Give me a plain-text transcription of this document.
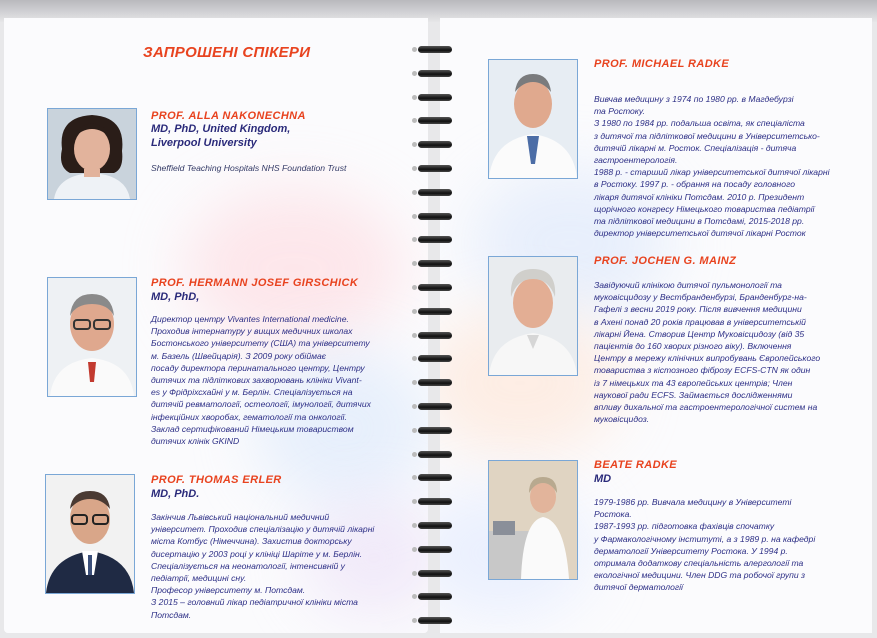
ЗАПРОШЕНІ СПІКЕРИ
PROF. ALLA NAKONECHNA
MD, PhD, United Kingdom,
Liverpool University
Sheffield Teaching Hospitals NHS Foundation Trust
PROF. HERMANN JOSEF GIRSCHICK
MD, PhD,
Директор центру Vivantes International medicine.
Проходив інтернатуру у вищих медичних школах
Бостонського університету (США) та університету
м. Базель (Швейцарія). З 2009 року обіймає
посаду директора перинатального центру, Центру
дитячих та підліткових захворювань клініки Vivant-
es у Фрідріхсхайні у м. Берлін. Спеціалізується на
дитячій ревматології, остеології, імунології, дитячих
інфекційних хворобах, гематології та онкології.
Заклад сертифікований Німецьким товариством
дитячих клінік GKIND
PROF. THOMAS ERLER
MD, PhD.
Закінчив Львівський національний медичний
університет. Проходив спеціалізацію у дитячій лікарні
міста Котбус (Німеччина). Захистив докторську
дисертацію у 2003 році у клініці Шаріте у м. Берлін.
Спеціалізується на неонатології, інтенсивній у
педіатрії, медицині сну.
Професор університету м. Потсдам.
З 2015 – головний лікар педіатричної клініки міста
Потсдам.
PROF. MICHAEL RADKE
Вивчав медицину з 1974 по 1980 рр. в Магдебурзі
та Ростоку.
З 1980 по 1984 рр. подальша освіта, як спеціаліста
з дитячої та підліткової медицини в Університетсько-
дитячій лікарні м. Росток. Спеціалізація - дитяча
гастроентерологія.
1988 р. - старший лікар університетської дитячої лікарні
в Ростоку. 1997 р. - обрання на посаду головного
лікаря дитячої клініки Потсдам. 2010 р. Президент
щорічного конгресу Німецького товариства педіатрії
та підліткової медицини в Потсдамі, 2015-2018 рр.
директор університетської дитячої лікарні Росток
PROF. JOCHEN G. MAINZ
Завідуючий клінікою дитячої пульмонології та
муковісцидозу у Вестбранденбурзі, Бранденбург-на-
Гафелі з весни 2019 року. Після вивчення медицини
в Ахені понад 20 років працював в університетській
лікарні Йена. Створив Центр Муковісцидозу (від 35
пацієнтів до 160 хворих різного віку). Включення
Центру в мережу клінічних випробувань Європейського
товариства з кістозного фіброзу ECFS-CTN як один
із 7 німецьких та 43 європейських центрів; Член
наукової ради ECFS. Займається дослідженнями
впливу дихальної та гастроентерологічної систем на
муковісцидоз.
BEATE RADKE
MD
1979-1986 рр. Вивчала медицину в Університеті
Ростока.
1987-1993 рр. підготовка фахівців спочатку
у Фармакологічному інституті, а з 1989 р. на кафедрі
дерматології Університету Ростока. У 1994 р.
отримала додаткову спеціальність алергології та
екологічної медицини. Член DDG та робочої групи з
дитячої дерматології
